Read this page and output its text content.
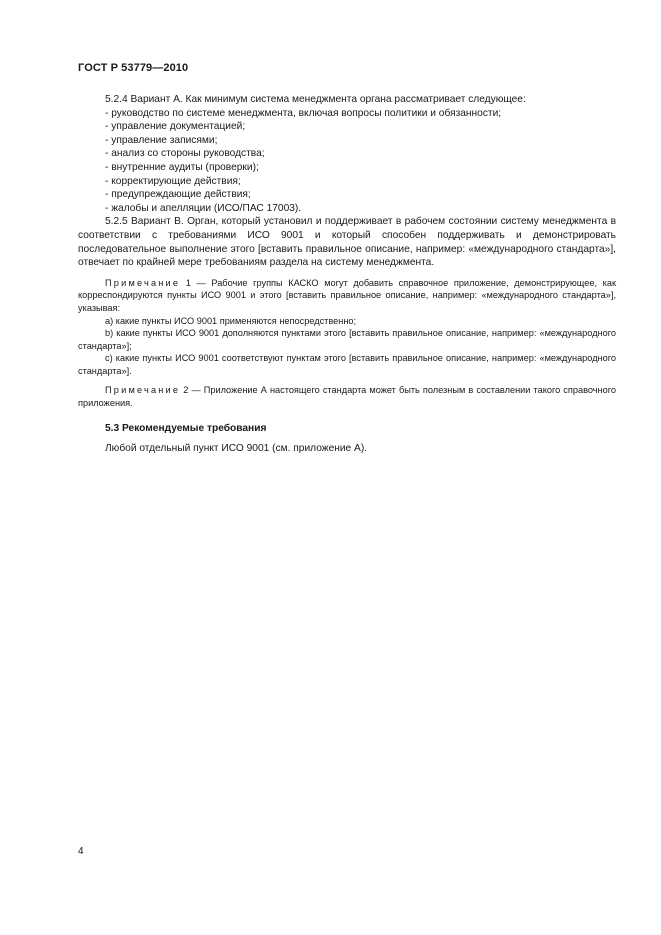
ГОСТ Р 53779—2010

5.2.4 Вариант А. Как минимум система менеджмента органа рассматривает следующее:

- руководство по системе менеджмента, включая вопросы политики и обязанности;

- управление документацией;

- управление записями;

- анализ со стороны руководства;

- внутренние аудиты (проверки);

- корректирующие действия;

- предупреждающие действия;

- жалобы и апелляции (ИСО/ПАС 17003).

5.2.5 Вариант В. Орган, который установил и поддерживает в рабочем состоянии систему менеджмента в соответствии с требованиями ИСО 9001 и который способен поддерживать и демонстрировать последовательное выполнение этого [вставить правильное описание, например: «международного стандарта»], отвечает по крайней мере требованиям раздела на систему менеджмента.

Примечание 1 — Рабочие группы КАСКО могут добавить справочное приложение, демонстрирующее, как корреспондируются пункты ИСО 9001 и этого [вставить правильное описание, например: «международного стандарта»], указывая:

а) какие пункты ИСО 9001 применяются непосредственно;

b) какие пункты ИСО 9001 дополняются пунктами этого [вставить правильное описание, например: «международного стандарта»];

с) какие пункты ИСО 9001 соответствуют пунктам этого [вставить правильное описание, например: «международного стандарта»].

Примечание 2 — Приложение А настоящего стандарта может быть полезным в составлении такого справочного приложения.

5.3 Рекомендуемые требования

Любой отдельный пункт ИСО 9001 (см. приложение А).

4
